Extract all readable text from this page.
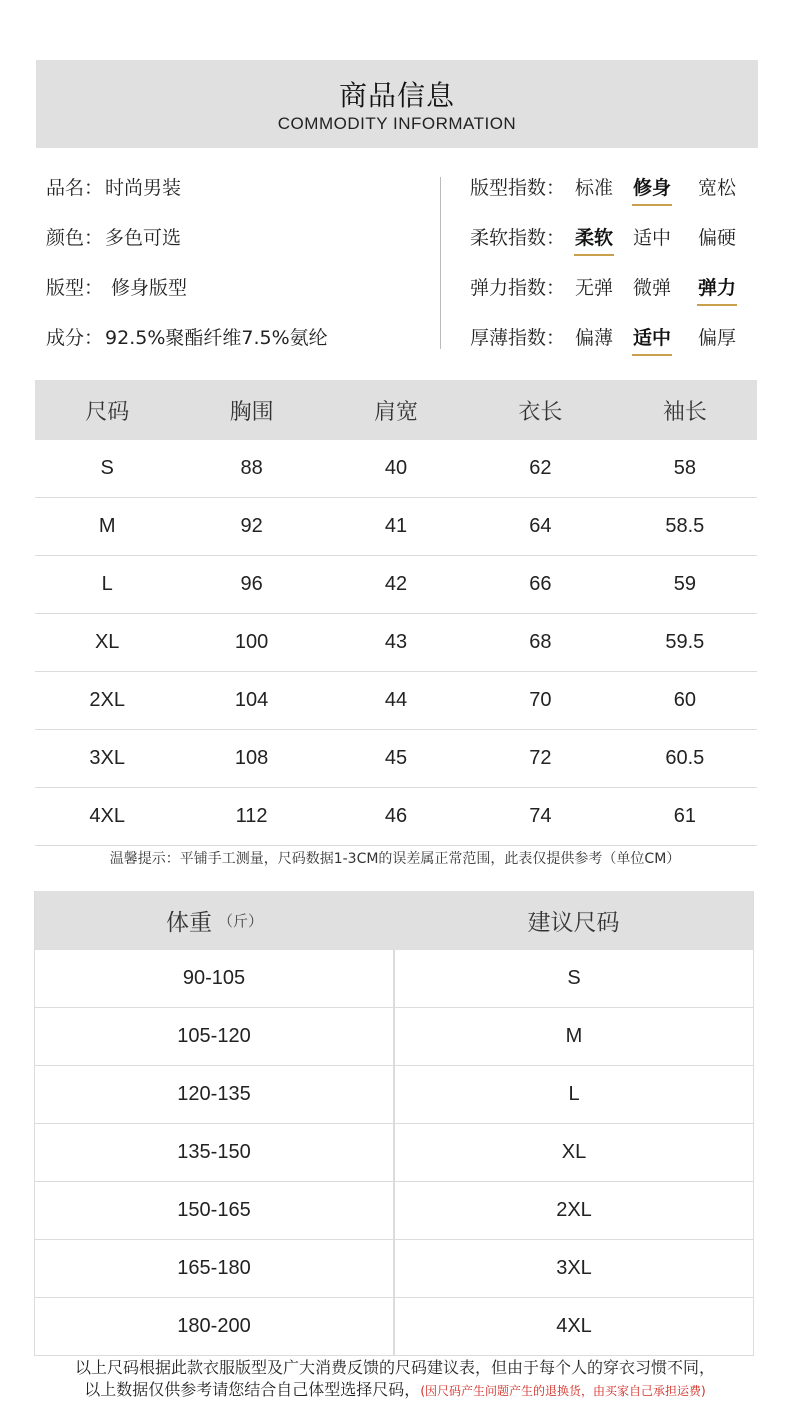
商品信息
COMMODITY INFORMATION
品名： 时尚男装
颜色： 多色可选
版型： 修身版型
成分： 92.5%聚酯纤维7.5%氨纶
版型指数： 标准	修身	宽松
柔软指数： 柔软	适中	偏硬
弹力指数： 无弹	微弹	弹力
厚薄指数： 偏薄	适中	偏厚
尺码	胸围	肩宽	衣长	袖长
S	88	40	62	58
M	92	41	64	58.5
L	96	42	66	59
XL	100	43	68	59.5
2XL	104	44	70	60
3XL	108	45	72	60.5
4XL	112	46	74	61
温馨提示：平铺手工测量，尺码数据1-3CM的误差属正常范围，此表仅提供参考（单位CM）
体重 （斤）	建议尺码
90-105	S
105-120	M
120-135	L
135-150	XL
150-165	2XL
165-180	3XL
180-200	4XL
以上尺码根据此款衣服版型及广大消费反馈的尺码建议表，但由于每个人的穿衣习惯不同，
以上数据仅供参考请您结合自己体型选择尺码，(因尺码产生问题产生的退换货，由买家自己承担运费)
